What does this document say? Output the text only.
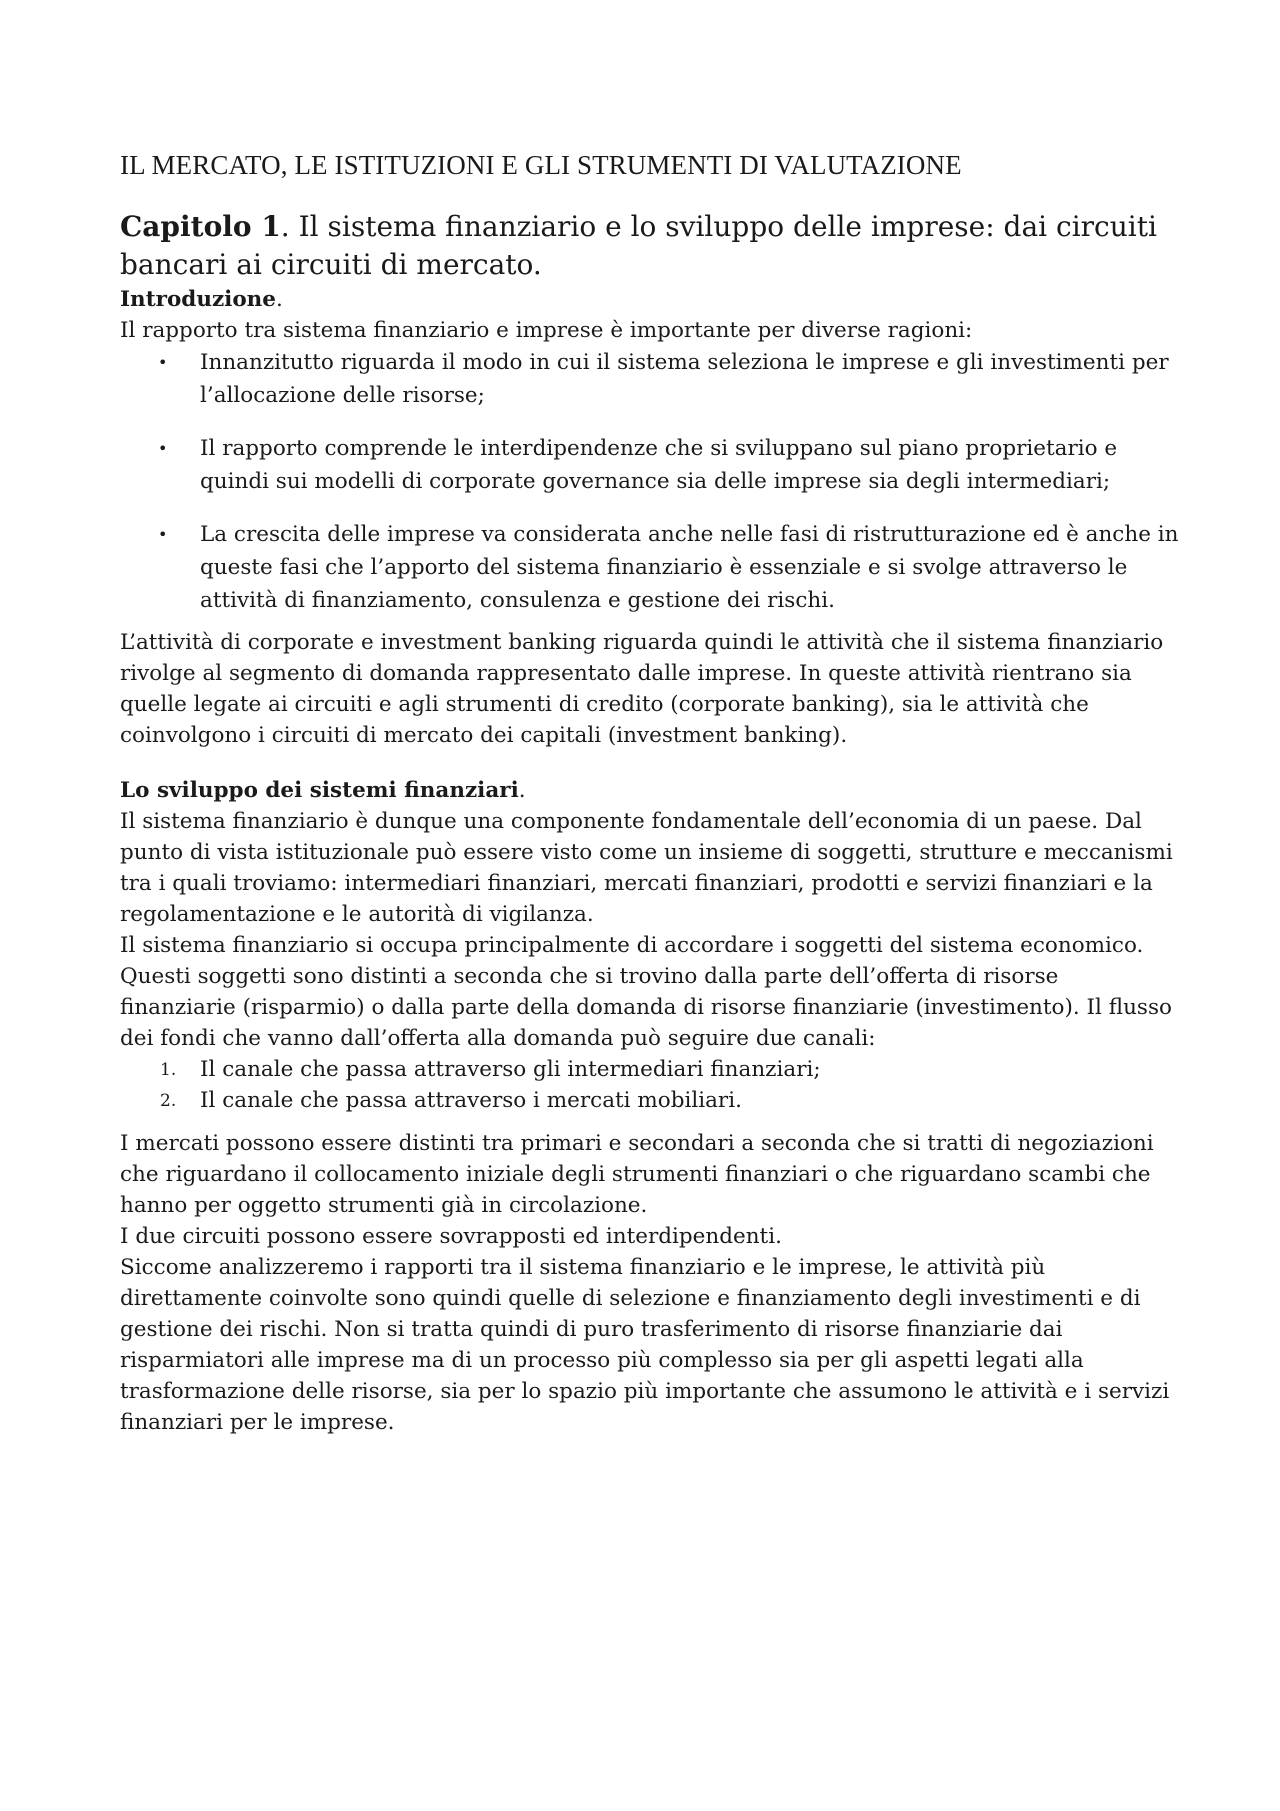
IL MERCATO, LE ISTITUZIONI E GLI STRUMENTI DI VALUTAZIONE
Capitolo 1. Il sistema finanziario e lo sviluppo delle imprese: dai circuiti bancari ai circuiti di mercato.
Introduzione.

Il rapporto tra sistema finanziario e imprese è importante per diverse ragioni:

• Innanzitutto riguarda il modo in cui il sistema seleziona le imprese e gli investimenti per l’allocazione delle risorse;
• Il rapporto comprende le interdipendenze che si sviluppano sul piano proprietario e quindi sui modelli di corporate governance sia delle imprese sia degli intermediari;
• La crescita delle imprese va considerata anche nelle fasi di ristrutturazione ed è anche in queste fasi che l’apporto del sistema finanziario è essenziale e si svolge attraverso le attività di finanziamento, consulenza e gestione dei rischi.

L’attività di corporate e investment banking riguarda quindi le attività che il sistema finanziario rivolge al segmento di domanda rappresentato dalle imprese. In queste attività rientrano sia quelle legate ai circuiti e agli strumenti di credito (corporate banking), sia le attività che coinvolgono i circuiti di mercato dei capitali (investment banking).

Lo sviluppo dei sistemi finanziari.

Il sistema finanziario è dunque una componente fondamentale dell’economia di un paese. Dal punto di vista istituzionale può essere visto come un insieme di soggetti, strutture e meccanismi tra i quali troviamo: intermediari finanziari, mercati finanziari, prodotti e servizi finanziari e la regolamentazione e le autorità di vigilanza.

Il sistema finanziario si occupa principalmente di accordare i soggetti del sistema economico. Questi soggetti sono distinti a seconda che si trovino dalla parte dell’offerta di risorse finanziarie (risparmio) o dalla parte della domanda di risorse finanziarie (investimento). Il flusso dei fondi che vanno dall’offerta alla domanda può seguire due canali:

1. Il canale che passa attraverso gli intermediari finanziari;
2. Il canale che passa attraverso i mercati mobiliari.

I mercati possono essere distinti tra primari e secondari a seconda che si tratti di negoziazioni che riguardano il collocamento iniziale degli strumenti finanziari o che riguardano scambi che hanno per oggetto strumenti già in circolazione.

I due circuiti possono essere sovrapposti ed interdipendenti.

Siccome analizzeremo i rapporti tra il sistema finanziario e le imprese, le attività più direttamente coinvolte sono quindi quelle di selezione e finanziamento degli investimenti e di gestione dei rischi. Non si tratta quindi di puro trasferimento di risorse finanziarie dai risparmiatori alle imprese ma di un processo più complesso sia per gli aspetti legati alla trasformazione delle risorse, sia per lo spazio più importante che assumono le attività e i servizi finanziari per le imprese.
